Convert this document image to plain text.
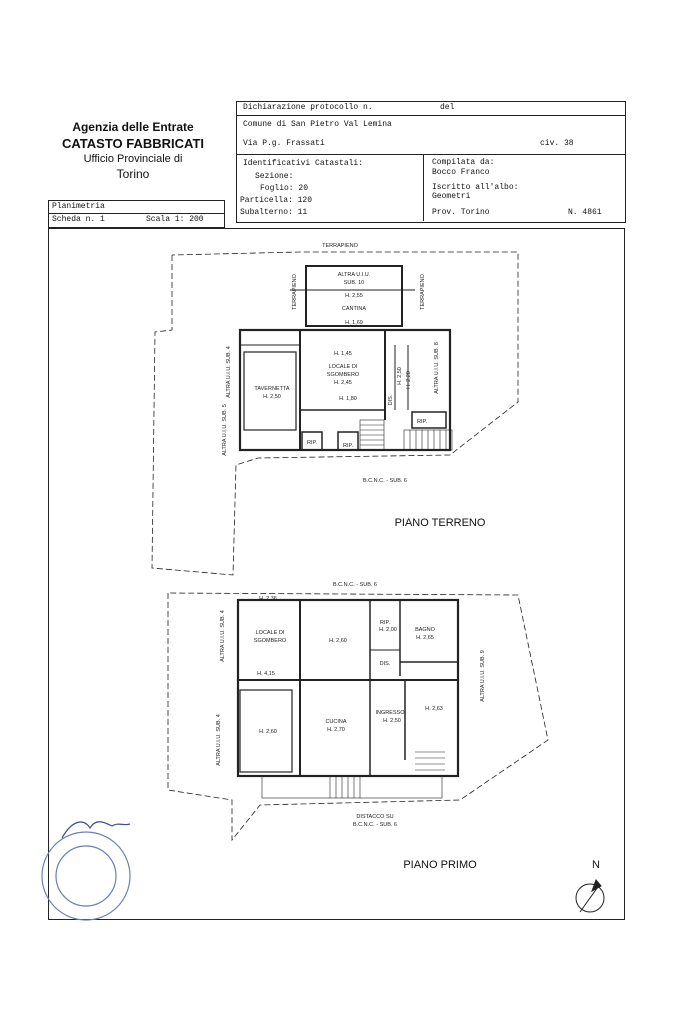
Agenzia delle Entrate
CATASTO FABBRICATI
Ufficio Provinciale di
Torino
Dichiarazione protocollo n.	del
Comune di San Pietro Val Lemina
Via P.g. Frassati	civ. 38
Identificativi Catastali:
Sezione:
Foglio: 20
Particella: 120
Subalterno: 11
Compilata da:
Bocco Franco
Iscritto all'albo:
Geometri
Prov. Torino	N. 4861
Planimetria
Scheda n. 1	Scala 1: 200
TERRAPIENO
TERRAPIENO	TERRAPIENO
ALTRA U.I.U.
SUB. 10
H. 2,55
CANTINA
H. 1,69
ALTRA U.I.U. SUB. 4
ALTRA U.I.U. SUB. 5
ALTRA U.I.U. SUB. 8
TAVERNETTA
H. 2,50
H. 1,45
LOCALE DI
SGOMBERO
H. 2,45
H. 1,80	DIS.
H. 2,50 H. 2,20
RIP.	RIP.
RIP.
B.C.N.C. - SUB. 6
PIANO TERRENO
B.C.N.C. - SUB. 6
H. 2,36
ALTRA U.I.U. SUB. 4	LOCALE DI
SGOMBERO
H. 4,15
H. 2,60
RIP.
H. 2,00
DIS.
BAGNO
H. 2,65
ALTRA U.I.U. SUB. 9
ALTRA U.I.U. SUB. 4	H. 2,60
CUCINA
H. 2,70
INGRESSO
H. 2,50
H. 2,63
DISTACCO SU
B.C.N.C. - SUB. 6
PIANO PRIMO	N
